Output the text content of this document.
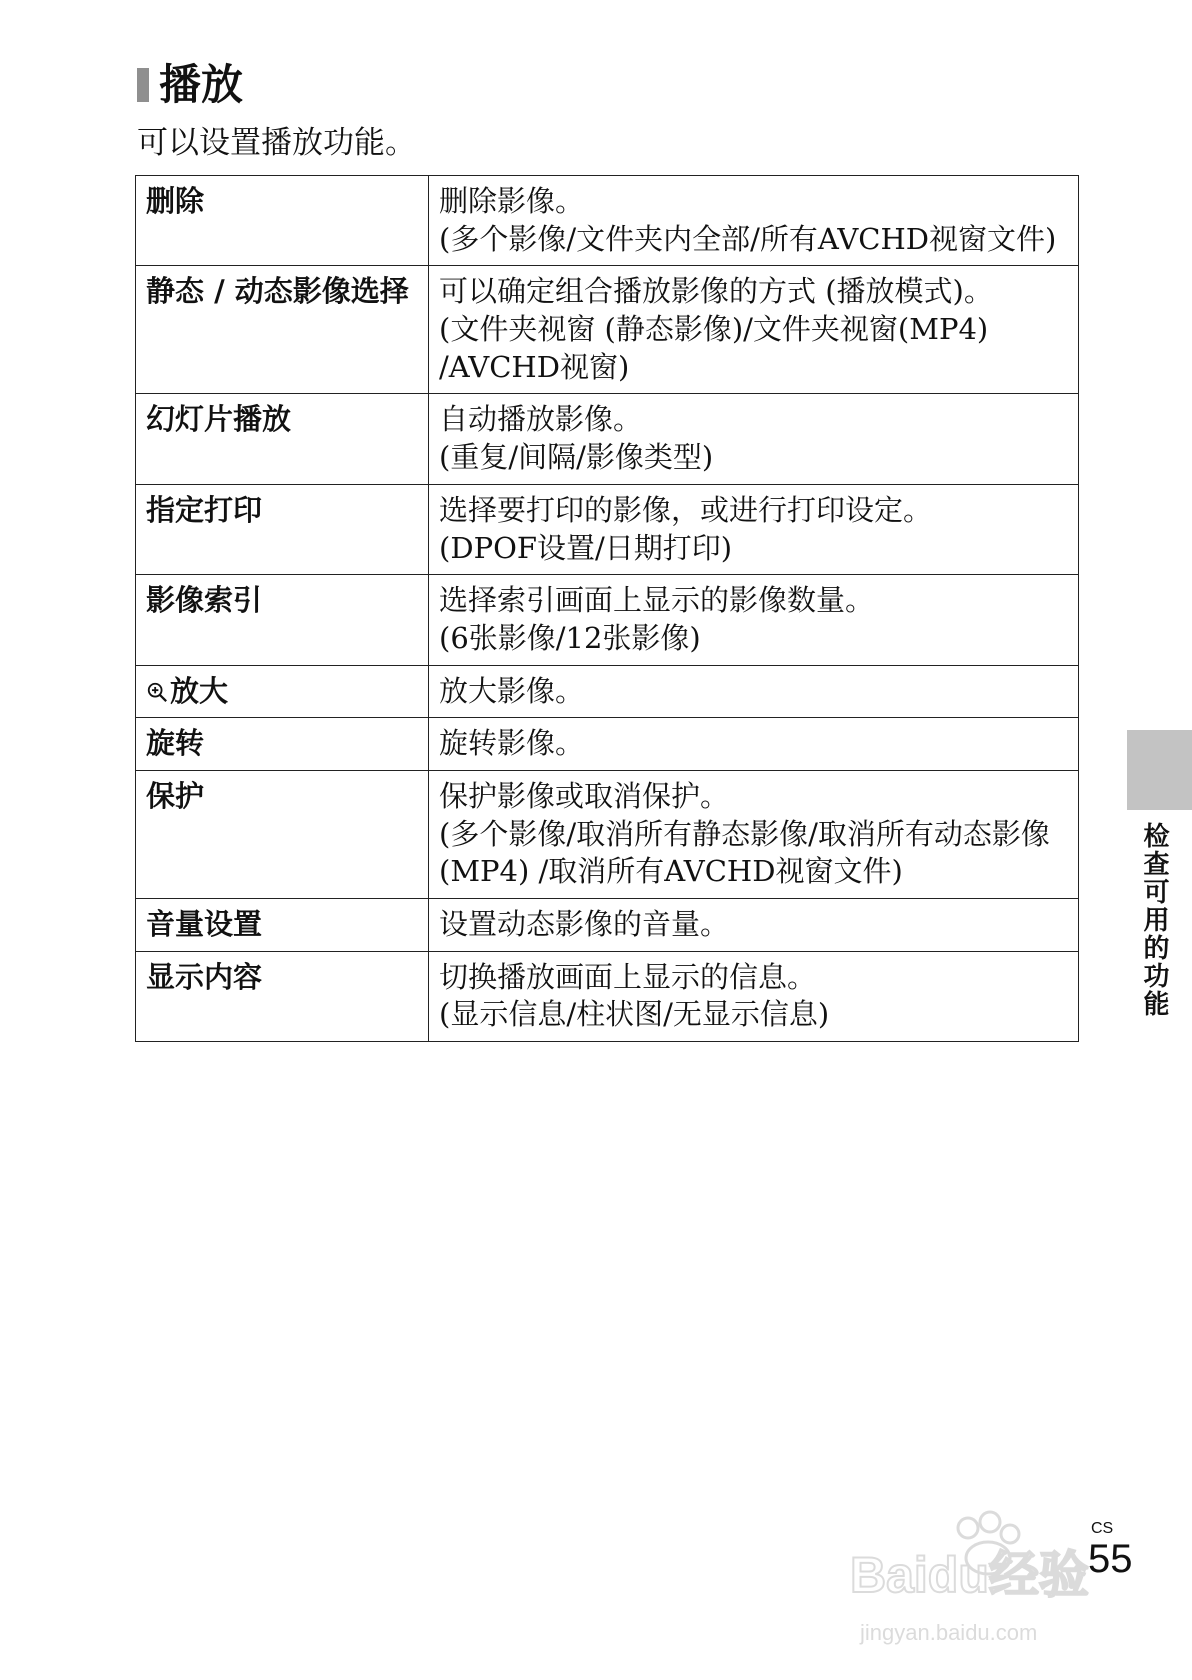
播放
可以设置播放功能。
删除	删除影像。
(多个影像/文件夹内全部/所有AVCHD视窗文件)

静态 / 动态影像选择	可以确定组合播放影像的方式 (播放模式)。
(文件夹视窗 (静态影像)/文件夹视窗(MP4) /AVCHD视窗)

幻灯片播放	自动播放影像。
(重复/间隔/影像类型)

指定打印	选择要打印的影像，或进行打印设定。
(DPOF设置/日期打印)

影像索引	选择索引画面上显示的影像数量。
(6张影像/12张影像)

放大	放大影像。

旋转	旋转影像。

保护	保护影像或取消保护。
(多个影像/取消所有静态影像/取消所有动态影像 (MP4) /取消所有AVCHD视窗文件)

音量设置	设置动态影像的音量。

显示内容	切换播放画面上显示的信息。
(显示信息/柱状图/无显示信息)	检查可用的功能
CS
55
Baidu经验
jingyan.baidu.com
